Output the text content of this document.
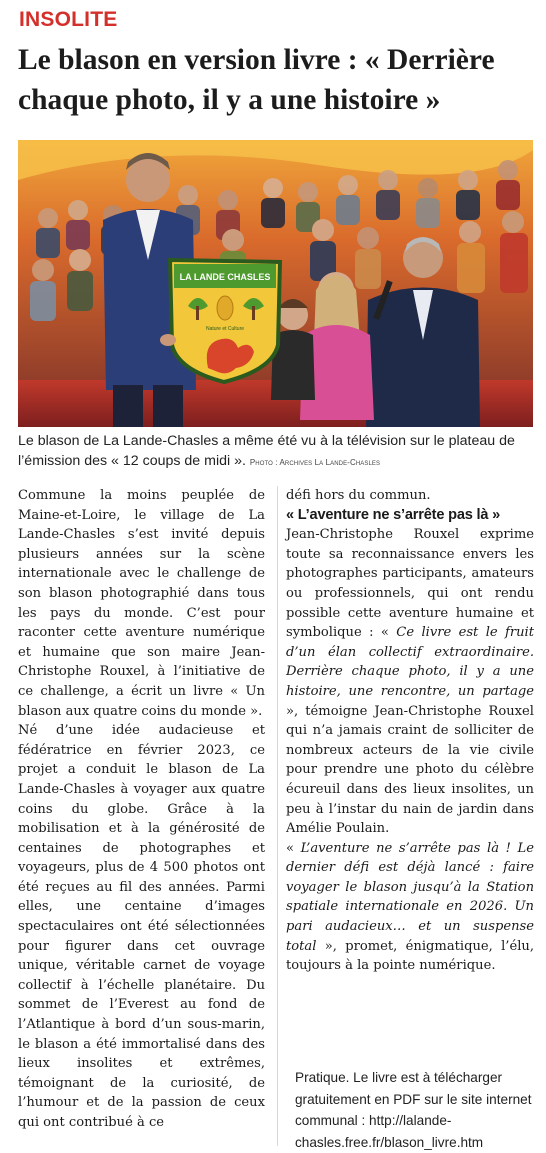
INSOLITE
Le blason en version livre : « Derrière chaque photo, il y a une histoire »
LA LANDE CHASLES
Nature et Culture
Le blason de La Lande-Chasles a même été vu à la télévision sur le plateau de l’émission des « 12 coups de midi ». Photo : Archives La Lande-Chasles

Commune la moins peuplée de Maine-et-Loire, le village de La Lande-Chasles s’est invité depuis plusieurs années sur la scène internationale avec le challenge de son blason photographié dans tous les pays du monde. C’est pour raconter cette aventure numérique et humaine que son maire Jean-Christophe Rouxel, à l’initiative de ce challenge, a écrit un livre « Un blason aux quatre coins du monde ».

Né d’une idée audacieuse et fédératrice en février 2023, ce projet a conduit le blason de La Lande-Chasles à voyager aux quatre coins du globe. Grâce à la mobilisation et à la générosité de centaines de photographes et voyageurs, plus de 4 500 photos ont été reçues au fil des années. Parmi elles, une centaine d’images spectaculaires ont été sélectionnées pour figurer dans cet ouvrage unique, véritable carnet de voyage collectif à l’échelle planétaire. Du sommet de l’Everest au fond de l’Atlantique à bord d’un sous-marin, le blason a été immortalisé dans des lieux insolites et extrêmes, témoignant de la curiosité, de l’humour et de la passion de ceux qui ont contribué à ce

défi hors du commun.

« L’aventure ne s’arrête pas là »

Jean-Christophe Rouxel exprime toute sa reconnaissance envers les photographes participants, amateurs ou professionnels, qui ont rendu possible cette aventure humaine et symbolique : « Ce livre est le fruit d’un élan collectif extraordinaire. Derrière chaque photo, il y a une histoire, une rencontre, un partage », témoigne Jean-Christophe Rouxel qui n’a jamais craint de solliciter de nombreux acteurs de la vie civile pour prendre une photo du célèbre écureuil dans des lieux insolites, un peu à l’instar du nain de jardin dans Amélie Poulain.

« L’aventure ne s’arrête pas là ! Le dernier défi est déjà lancé : faire voyager le blason jusqu’à la Station spatiale internationale en 2026. Un pari audacieux… et un suspense total », promet, énigmatique, l’élu, toujours à la pointe numérique.

Pratique. Le livre est à télécharger gratuitement en PDF sur le site internet communal : http://lalande-chasles.free.fr/blason_livre.htm
